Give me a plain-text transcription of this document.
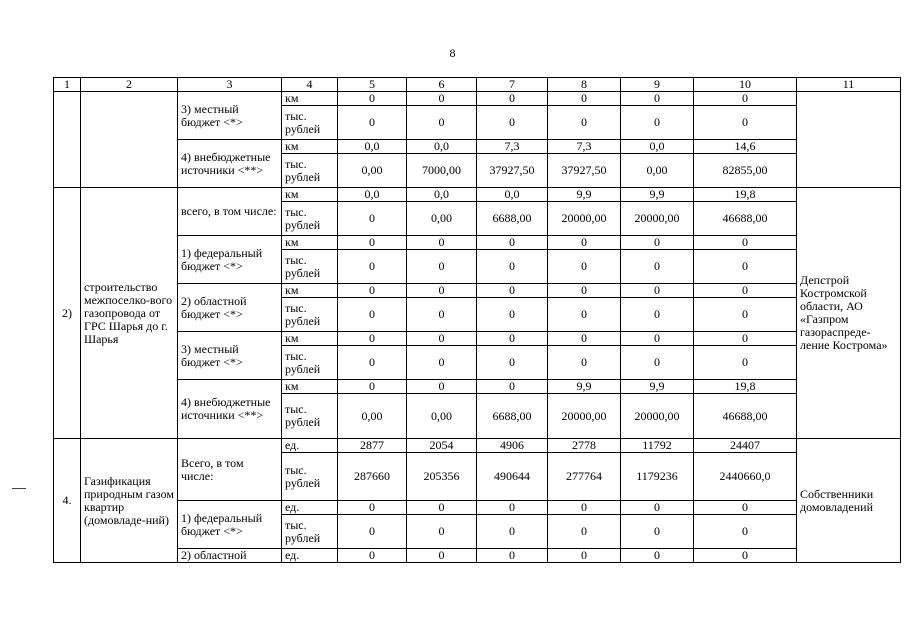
8
1	2	3	4	5	6	7	8	9	10	11

		3) местный бюджет <*>	км	0	0	0	0	0	0	
			тыс. рублей	0	0	0	0	0	0	

		4) внебюджетные источники <**>	км	0,0	0,0	7,3	7,3	0,0	14,6	
			тыс. рублей	0,00	7000,00	37927,50	37927,50	0,00	82855,00	
2)	строительство межпоселко-вого газопровода от ГРС Шарья до г. Шарья	всего, в том числе:	км	0,0	0,0	0,0	9,9	9,9	19,8	Депстрой Костромской области, АО «Газпром газораспреде-ление Кострома»
			тыс. рублей	0	0,00	6688,00	20000,00	20000,00	46688,00	

		1) федеральный бюджет <*>	км	0	0	0	0	0	0	
			тыс. рублей	0	0	0	0	0	0	

		2) областной бюджет <*>	км	0	0	0	0	0	0	
			тыс. рублей	0	0	0	0	0	0	

		3) местный бюджет <*>	км	0	0	0	0	0	0	
			тыс. рублей	0	0	0	0	0	0	

		4) внебюджетные источники <**>	км	0	0	0	9,9	9,9	19,8	
			тыс. рублей	0,00	0,00	6688,00	20000,00	20000,00	46688,00	
4.	Газификация природным газом квартир (домовладе-ний)	Всего, в том числе:	ед.	2877	2054	4906	2778	11792	24407	Собственники домовладений
			тыс. рублей	287660	205356	490644	277764	1179236	2440660,0	

		1) федеральный бюджет <*>	ед.	0	0	0	0	0	0	
			тыс. рублей	0	0	0	0	0	0	

		2) областной	ед.	0	0	0	0	0	0	
